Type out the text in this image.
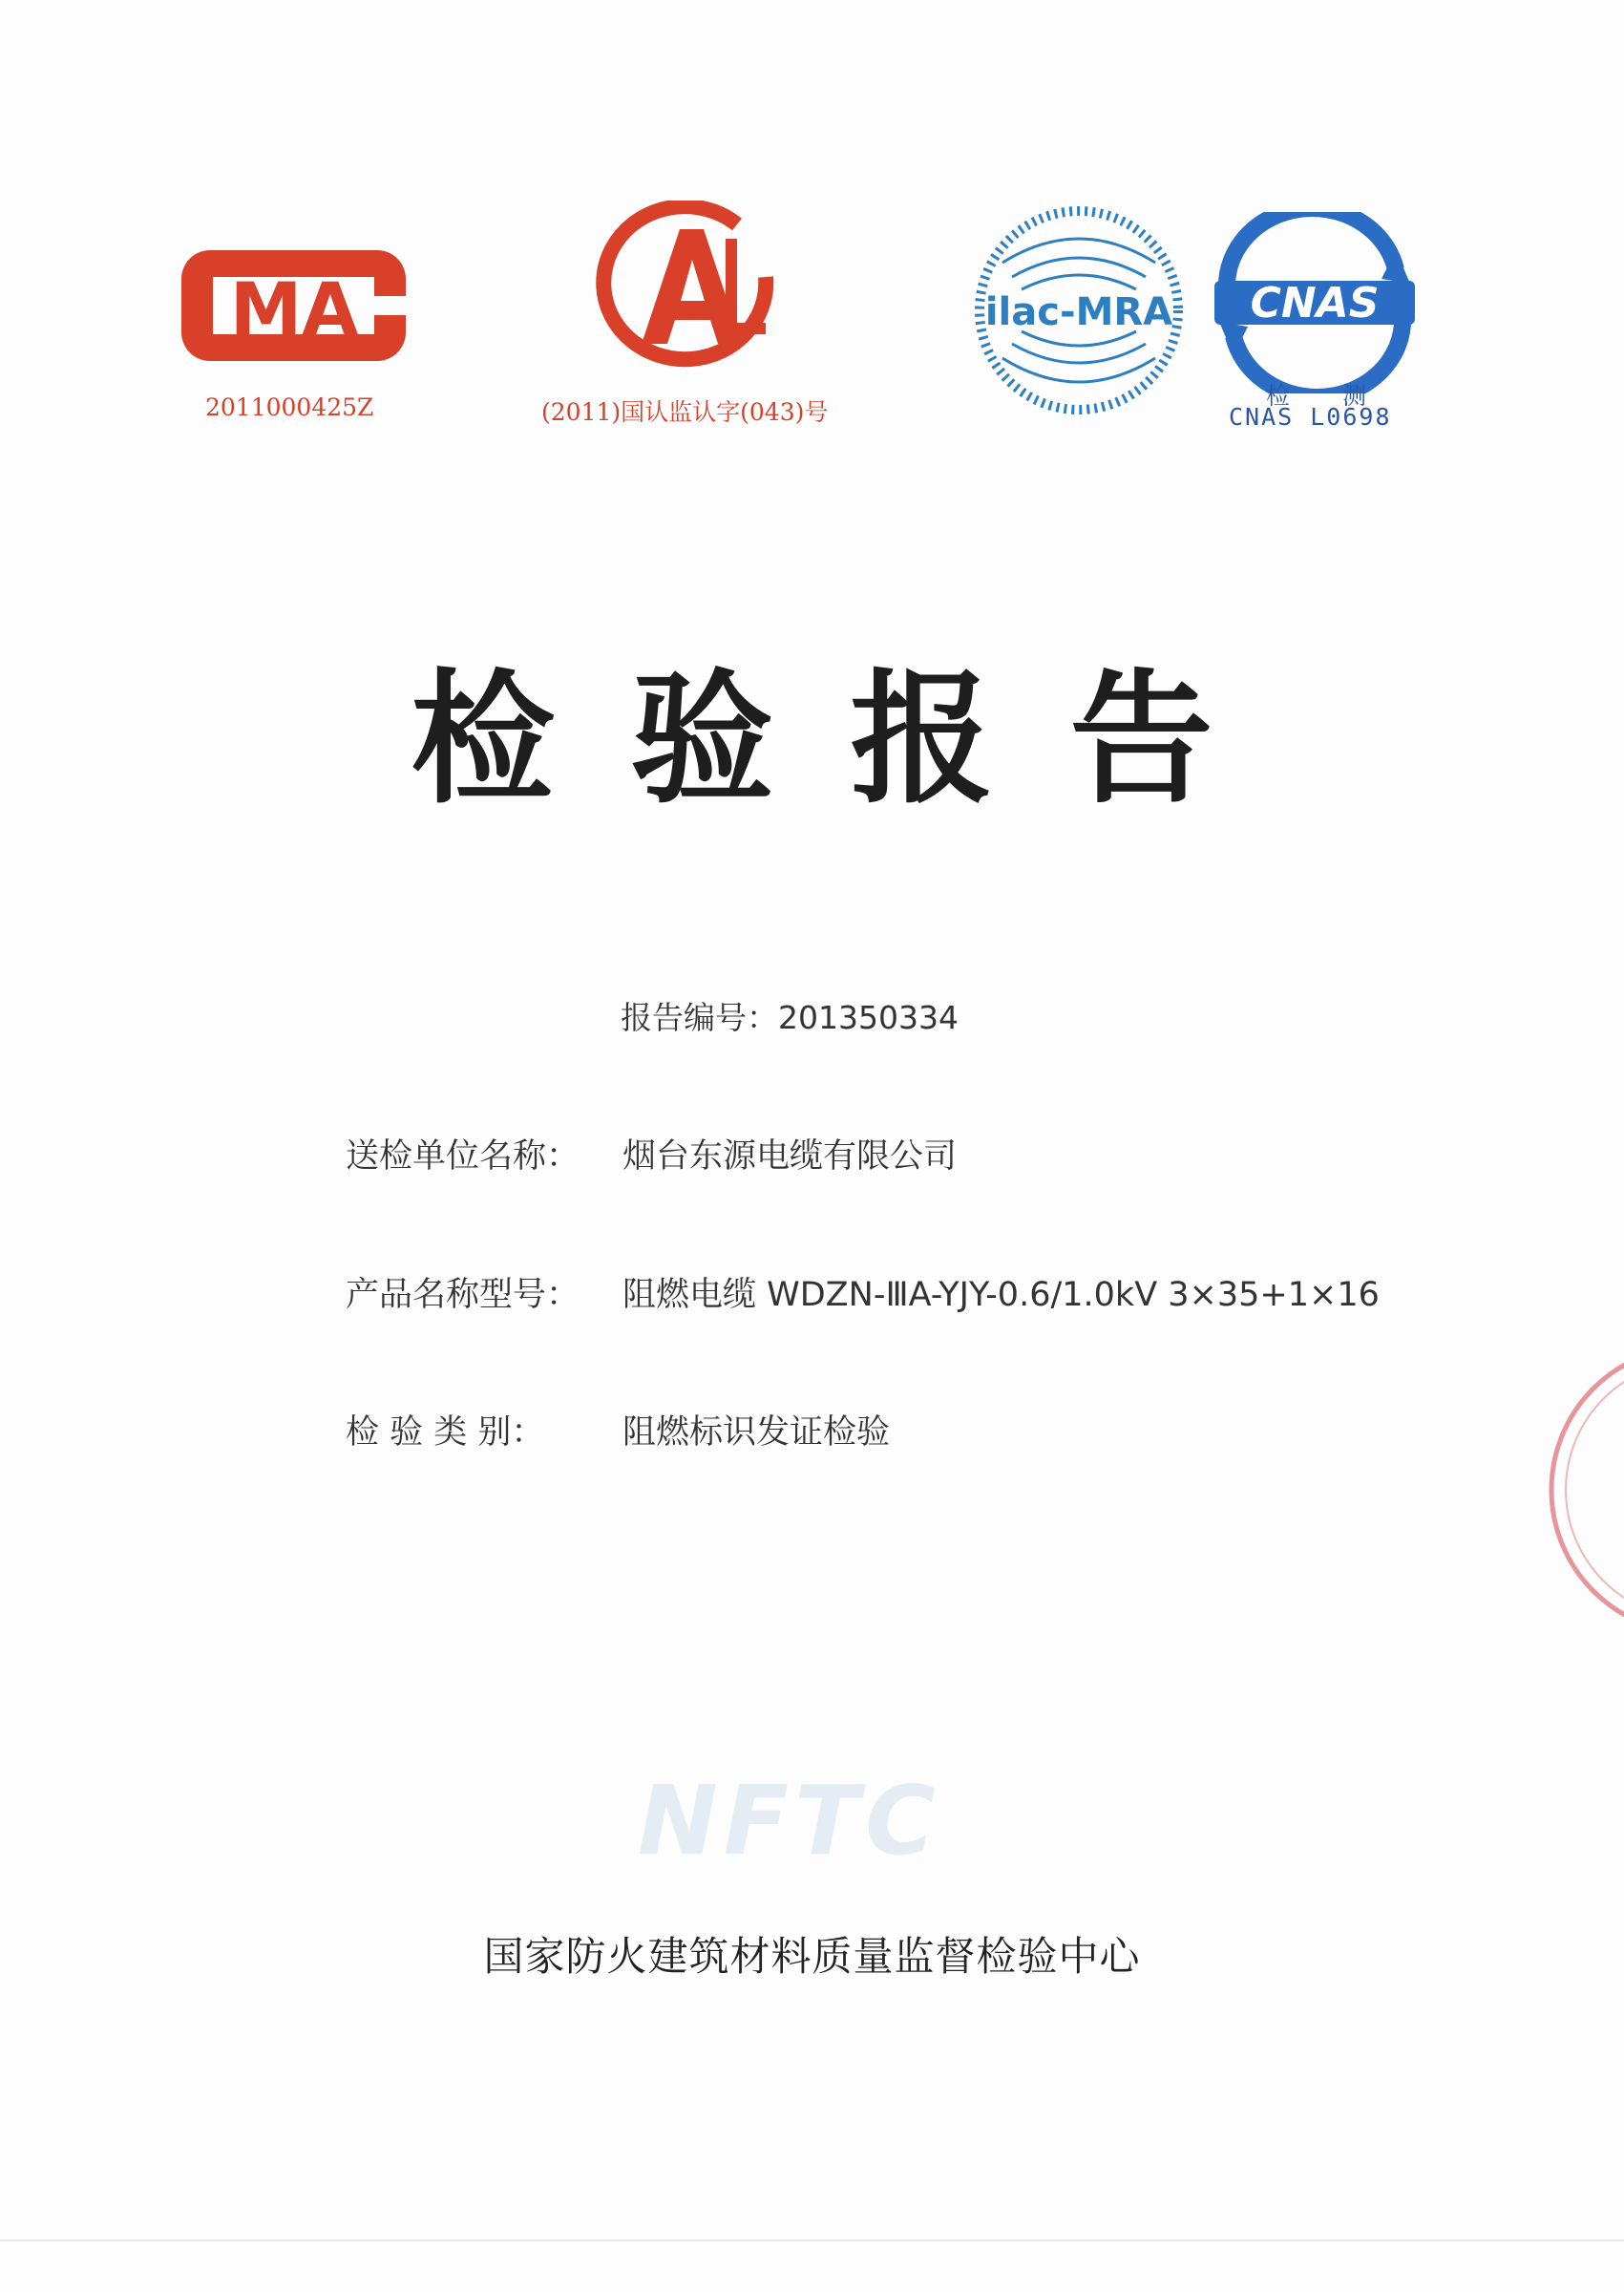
MA
2011000425Z	(2011)国认监认字(043)号
ilac-MRA CNAS
检 测
CNAS L0698
检验报告
报告编号：201350334
送检单位名称： 烟台东源电缆有限公司
产品名称型号： 阻燃电缆 WDZN-ⅢA-YJY-0.6/1.0kV 3×35+1×16
检 验 类 别： 阻燃标识发证检验
NFTC
国家防火建筑材料质量监督检验中心
